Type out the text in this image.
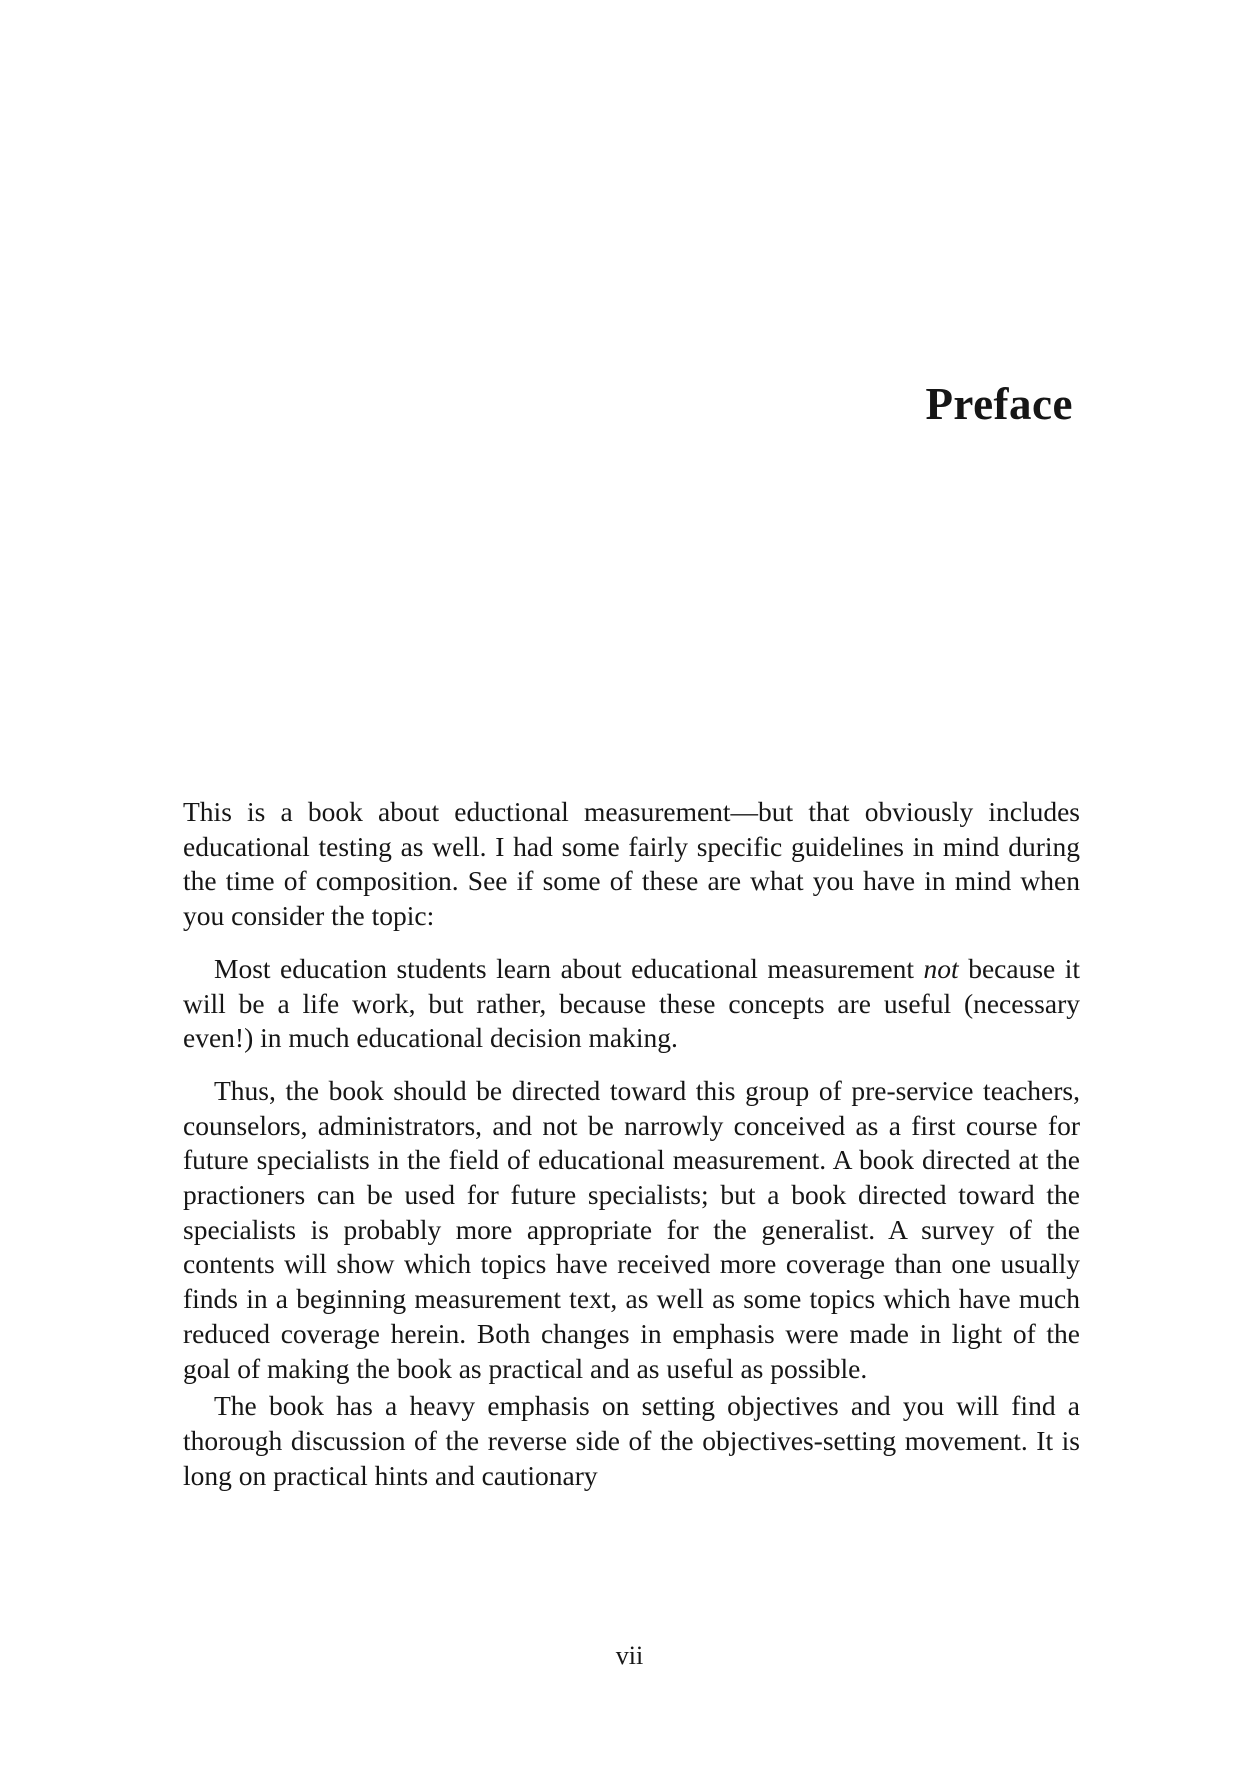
Preface

This is a book about eductional measurement—but that obviously includes educational testing as well. I had some fairly specific guidelines in mind during the time of composition. See if some of these are what you have in mind when you consider the topic:

Most education students learn about educational measurement not because it will be a life work, but rather, because these concepts are useful (necessary even!) in much educational decision making.

Thus, the book should be directed toward this group of pre-service teachers, counselors, administrators, and not be narrowly conceived as a first course for future specialists in the field of educational measurement. A book directed at the practioners can be used for future specialists; but a book directed toward the specialists is probably more appropriate for the generalist. A survey of the contents will show which topics have received more coverage than one usually finds in a beginning measurement text, as well as some topics which have much reduced coverage herein. Both changes in emphasis were made in light of the goal of making the book as practical and as useful as possible.

The book has a heavy emphasis on setting objectives and you will find a thorough discussion of the reverse side of the objectives-setting movement. It is long on practical hints and cautionary

vii
